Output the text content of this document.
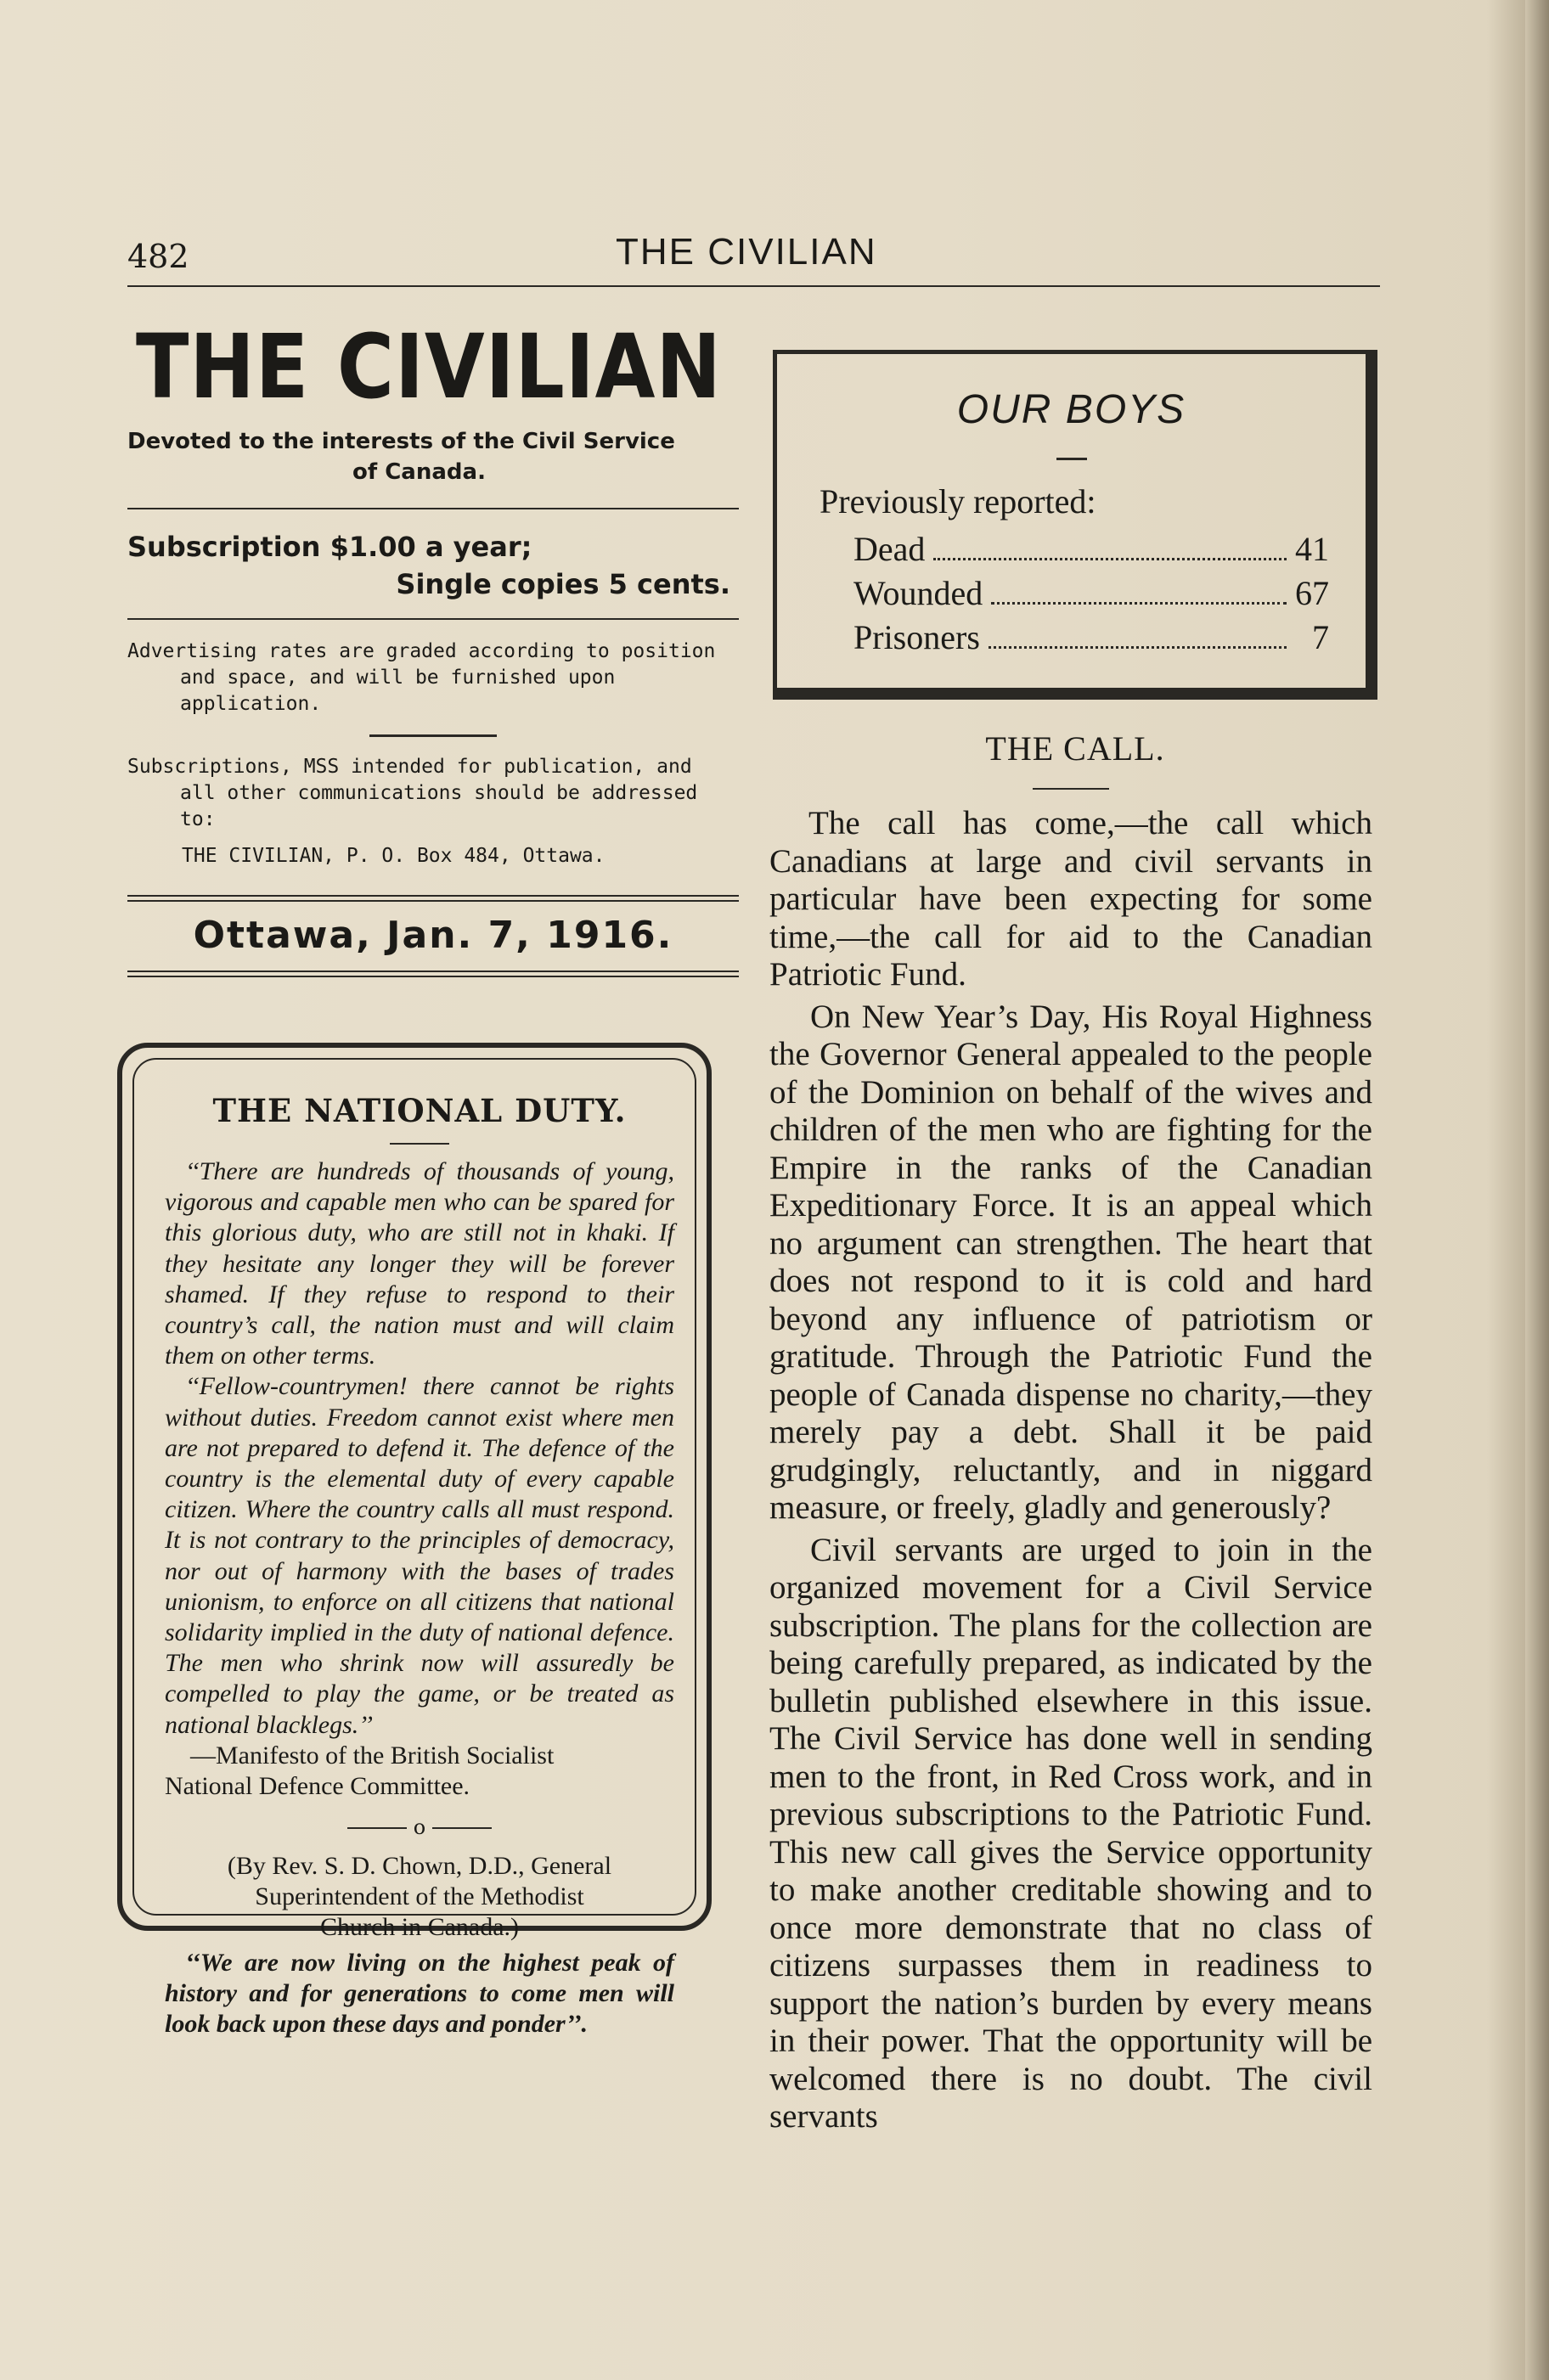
482	THE CIVILIAN
THE CIVILIAN
Devoted to the interests of the Civil Service
of Canada.
Subscription $1.00 a year;
Single copies 5 cents.
Advertising rates are graded according to position and space, and will be furnished upon application.
Subscriptions, MSS intended for publication, and all other communications should be addressed to:
THE CIVILIAN, P. O. Box 484, Ottawa.
Ottawa, Jan. 7, 1916.
THE NATIONAL DUTY.

‘‘There are hundreds of thousands of young, vigorous and capable men who can be spared for this glorious duty, who are still not in khaki. If they hesitate any longer they will be forever shamed. If they refuse to respond to their country’s call, the nation must and will claim them on other terms.

‘‘Fellow-countrymen! there cannot be rights without duties. Freedom cannot exist where men are not prepared to defend it. The defence of the country is the elemental duty of every capable citizen. Where the country calls all must respond. It is not contrary to the principles of democracy, nor out of harmony with the bases of trades unionism, to enforce on all citizens that national solidarity implied in the duty of national defence. The men who shrink now will assuredly be compelled to play the game, or be treated as national blacklegs.’’

—Manifesto of the British Socialist
National Defence Committee.
o
(By Rev. S. D. Chown, D.D., General
Superintendent of the Methodist
Church in Canada.)

‘‘We are now living on the highest peak of history and for generations to come men will look back upon these days and ponder’’.

OUR BOYS
Previously reported:
Dead	41
Wounded	67
Prisoners	7
THE CALL.

The call has come,—the call which Canadians at large and civil servants in particular have been expecting for some time,—the call for aid to the Canadian Patriotic Fund.

On New Year’s Day, His Royal Highness the Governor General appealed to the people of the Dominion on behalf of the wives and children of the men who are fighting for the Empire in the ranks of the Canadian Expeditionary Force. It is an appeal which no argument can strengthen. The heart that does not respond to it is cold and hard beyond any influence of patriotism or gratitude. Through the Patriotic Fund the people of Canada dispense no charity,—they merely pay a debt. Shall it be paid grudgingly, reluctantly, and in niggard measure, or freely, gladly and generously?

Civil servants are urged to join in the organized movement for a Civil Service subscription. The plans for the collection are being carefully prepared, as indicated by the bulletin published elsewhere in this issue. The Civil Service has done well in sending men to the front, in Red Cross work, and in previous subscriptions to the Patriotic Fund. This new call gives the Service opportunity to make another creditable showing and to once more demonstrate that no class of citizens surpasses them in readiness to support the nation’s burden by every means in their power. That the opportunity will be welcomed there is no doubt. The civil servants
